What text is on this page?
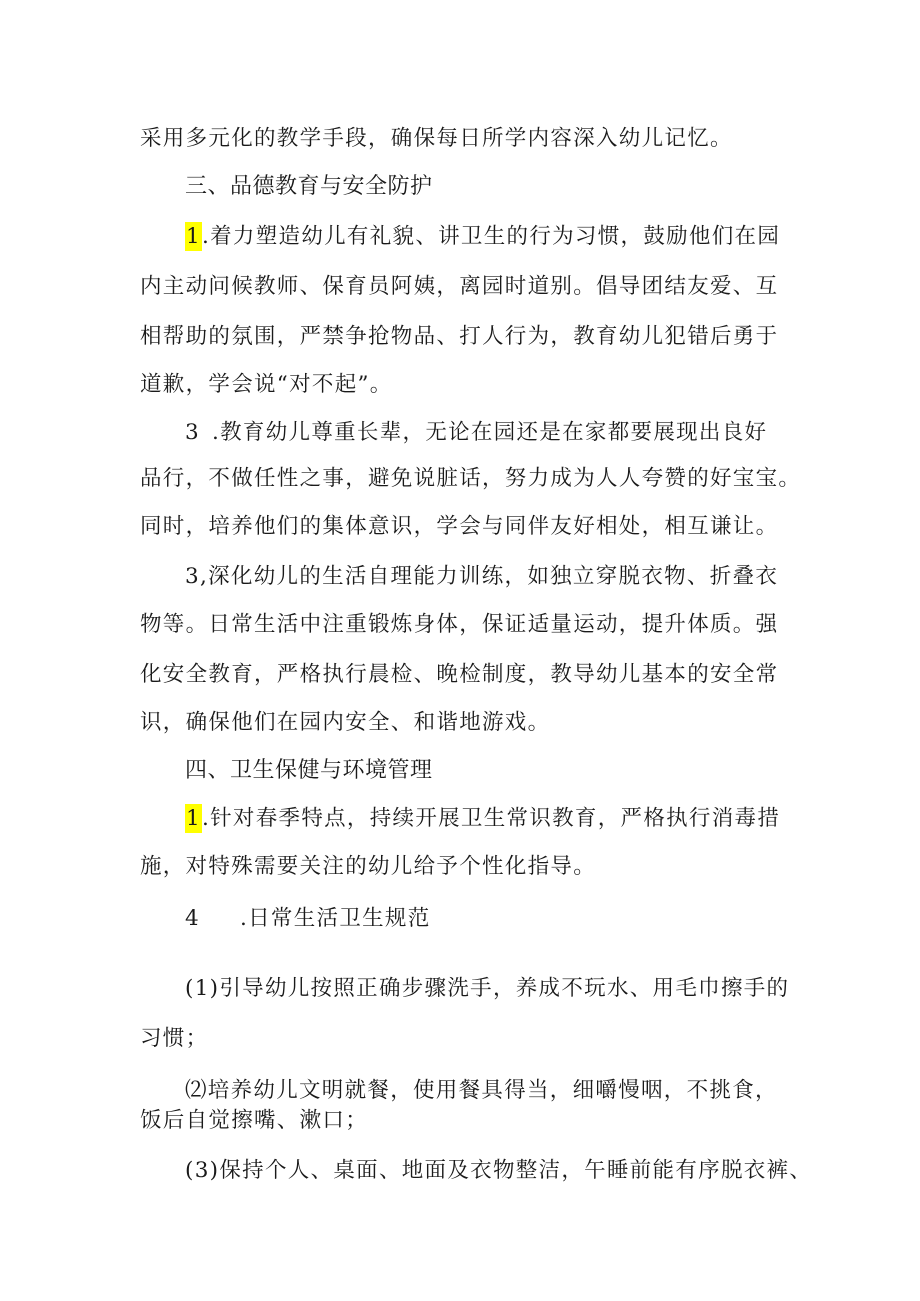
采用多元化的教学手段，确保每日所学内容深入幼儿记忆。
三、品德教育与安全防护
1.着力塑造幼儿有礼貌、讲卫生的行为习惯，鼓励他们在园
内主动问候教师、保育员阿姨，离园时道别。倡导团结友爱、互
相帮助的氛围，严禁争抢物品、打人行为，教育幼儿犯错后勇于
道歉，学会说“对不起”。
3 .教育幼儿尊重长辈，无论在园还是在家都要展现出良好
品行，不做任性之事，避免说脏话，努力成为人人夸赞的好宝宝。
同时，培养他们的集体意识，学会与同伴友好相处，相互谦让。
3,深化幼儿的生活自理能力训练，如独立穿脱衣物、折叠衣
物等。日常生活中注重锻炼身体，保证适量运动，提升体质。强
化安全教育，严格执行晨检、晚检制度，教导幼儿基本的安全常
识，确保他们在园内安全、和谐地游戏。
四、卫生保健与环境管理
1.针对春季特点，持续开展卫生常识教育，严格执行消毒措
施，对特殊需要关注的幼儿给予个性化指导。
4 .日常生活卫生规范
(1)引导幼儿按照正确步骤洗手，养成不玩水、用毛巾擦手的
习惯；
⑵培养幼儿文明就餐，使用餐具得当，细嚼慢咽，不挑食，
饭后自觉擦嘴、漱口；
(3)保持个人、桌面、地面及衣物整洁，午睡前能有序脱衣裤、
